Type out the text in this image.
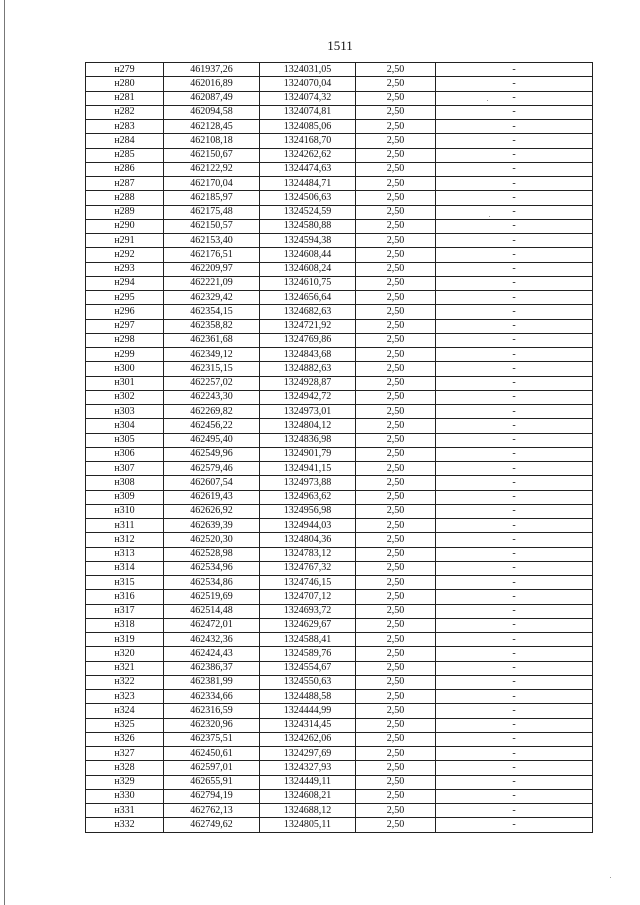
1511
н279	461937,26	1324031,05	2,50	-
н280	462016,89	1324070,04	2,50	-
н281	462087,49	1324074,32	2,50	-
н282	462094,58	1324074,81	2,50	-
н283	462128,45	1324085,06	2,50	-
н284	462108,18	1324168,70	2,50	-
н285	462150,67	1324262,62	2,50	-
н286	462122,92	1324474,63	2,50	-
н287	462170,04	1324484,71	2,50	-
н288	462185,97	1324506,63	2,50	-
н289	462175,48	1324524,59	2,50	-
н290	462150,57	1324580,88	2,50	-
н291	462153,40	1324594,38	2,50	-
н292	462176,51	1324608,44	2,50	-
н293	462209,97	1324608,24	2,50	-
н294	462221,09	1324610,75	2,50	-
н295	462329,42	1324656,64	2,50	-
н296	462354,15	1324682,63	2,50	-
н297	462358,82	1324721,92	2,50	-
н298	462361,68	1324769,86	2,50	-
н299	462349,12	1324843,68	2,50	-
н300	462315,15	1324882,63	2,50	-
н301	462257,02	1324928,87	2,50	-
н302	462243,30	1324942,72	2,50	-
н303	462269,82	1324973,01	2,50	-
н304	462456,22	1324804,12	2,50	-
н305	462495,40	1324836,98	2,50	-
н306	462549,96	1324901,79	2,50	-
н307	462579,46	1324941,15	2,50	-
н308	462607,54	1324973,88	2,50	-
н309	462619,43	1324963,62	2,50	-
н310	462626,92	1324956,98	2,50	-
н311	462639,39	1324944,03	2,50	-
н312	462520,30	1324804,36	2,50	-
н313	462528,98	1324783,12	2,50	-
н314	462534,96	1324767,32	2,50	-
н315	462534,86	1324746,15	2,50	-
н316	462519,69	1324707,12	2,50	-
н317	462514,48	1324693,72	2,50	-
н318	462472,01	1324629,67	2,50	-
н319	462432,36	1324588,41	2,50	-
н320	462424,43	1324589,76	2,50	-
н321	462386,37	1324554,67	2,50	-
н322	462381,99	1324550,63	2,50	-
н323	462334,66	1324488,58	2,50	-
н324	462316,59	1324444,99	2,50	-
н325	462320,96	1324314,45	2,50	-
н326	462375,51	1324262,06	2,50	-
н327	462450,61	1324297,69	2,50	-
н328	462597,01	1324327,93	2,50	-
н329	462655,91	1324449,11	2,50	-
н330	462794,19	1324608,21	2,50	-
н331	462762,13	1324688,12	2,50	-
н332	462749,62	1324805,11	2,50	-
